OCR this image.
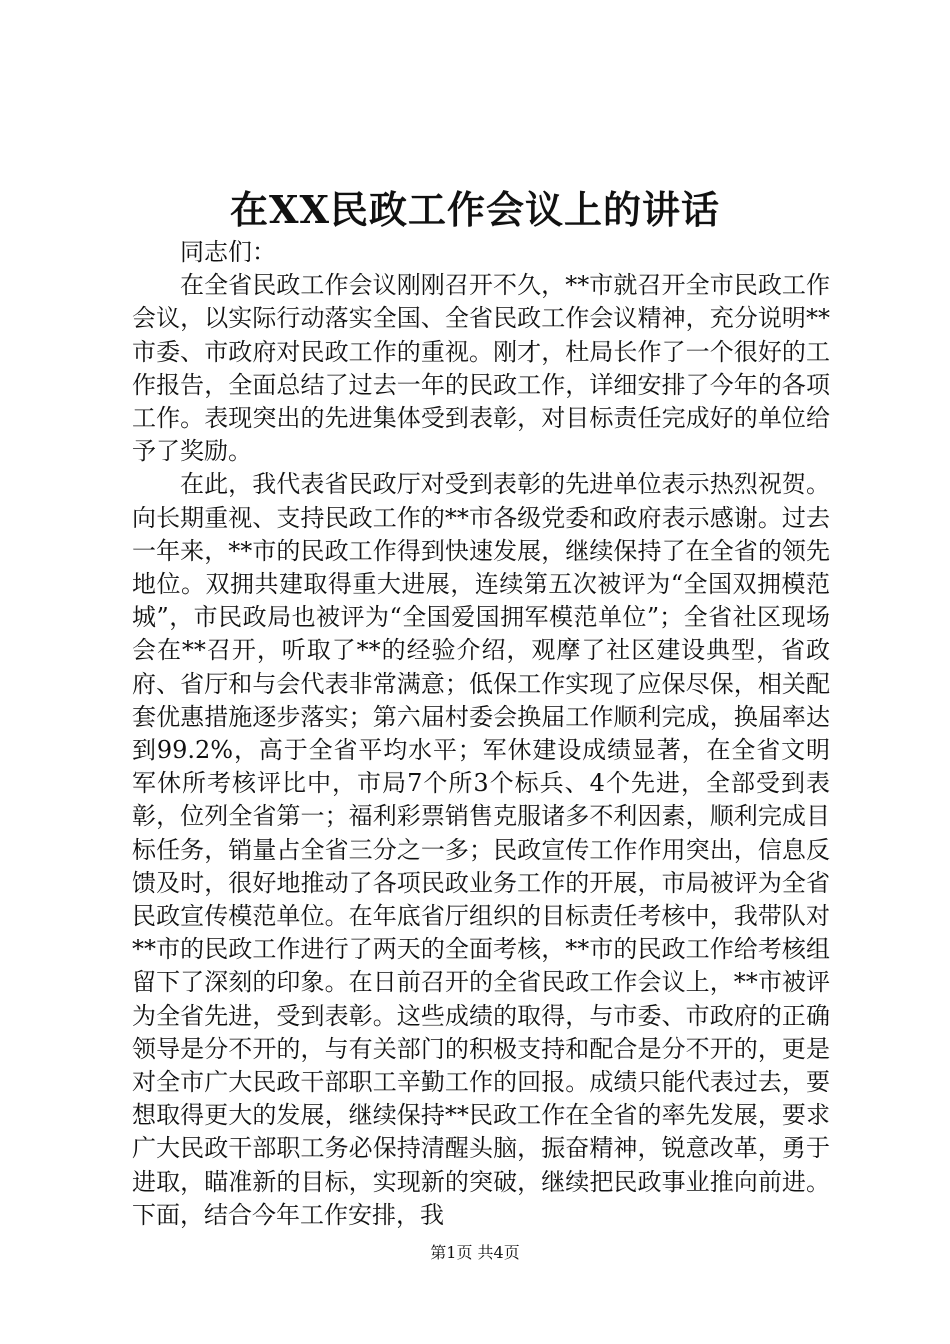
在XX民政工作会议上的讲话

同志们：

在全省民政工作会议刚刚召开不久，**市就召开全市民政工作会议，以实际行动落实全国、全省民政工作会议精神，充分说明**市委、市政府对民政工作的重视。刚才，杜局长作了一个很好的工作报告，全面总结了过去一年的民政工作，详细安排了今年的各项工作。表现突出的先进集体受到表彰，对目标责任完成好的单位给予了奖励。

在此，我代表省民政厅对受到表彰的先进单位表示热烈祝贺。向长期重视、支持民政工作的**市各级党委和政府表示感谢。过去一年来，**市的民政工作得到快速发展，继续保持了在全省的领先地位。双拥共建取得重大进展，连续第五次被评为“全国双拥模范城”，市民政局也被评为“全国爱国拥军模范单位”；全省社区现场会在**召开，听取了**的经验介绍，观摩了社区建设典型，省政府、省厅和与会代表非常满意；低保工作实现了应保尽保，相关配套优惠措施逐步落实；第六届村委会换届工作顺利完成，换届率达到99.2%，高于全省平均水平；军休建设成绩显著，在全省文明军休所考核评比中，市局7个所3个标兵、4个先进，全部受到表彰，位列全省第一；福利彩票销售克服诸多不利因素，顺利完成目标任务，销量占全省三分之一多；民政宣传工作作用突出，信息反馈及时，很好地推动了各项民政业务工作的开展，市局被评为全省民政宣传模范单位。在年底省厅组织的目标责任考核中，我带队对**市的民政工作进行了两天的全面考核，**市的民政工作给考核组留下了深刻的印象。在日前召开的全省民政工作会议上，**市被评为全省先进，受到表彰。这些成绩的取得，与市委、市政府的正确领导是分不开的，与有关部门的积极支持和配合是分不开的，更是对全市广大民政干部职工辛勤工作的回报。成绩只能代表过去，要想取得更大的发展，继续保持**民政工作在全省的率先发展，要求广大民政干部职工务必保持清醒头脑，振奋精神，锐意改革，勇于进取，瞄准新的目标，实现新的突破，继续把民政事业推向前进。下面，结合今年工作安排，我

第1页 共4页
